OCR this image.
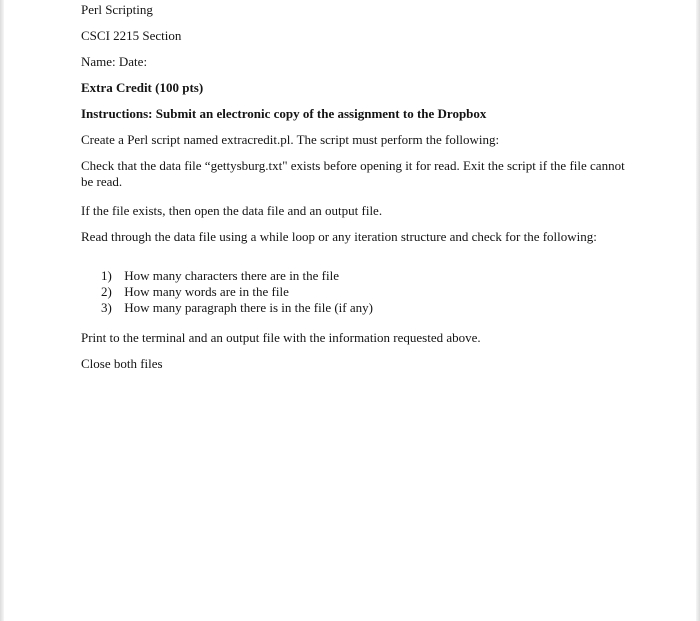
Perl Scripting

CSCI 2215 Section

Name: Date:

Extra Credit (100 pts)

Instructions: Submit an electronic copy of the assignment to the Dropbox

Create a Perl script named extracredit.pl. The script must perform the following:

Check that the data file “gettysburg.txt" exists before opening it for read. Exit the script if the file cannot be read.

If the file exists, then open the data file and an output file.

Read through the data file using a while loop or any iteration structure and check for the following:

1) How many characters there are in the file
2) How many words are in the file
3) How many paragraph there is in the file (if any)

Print to the terminal and an output file with the information requested above.

Close both files
